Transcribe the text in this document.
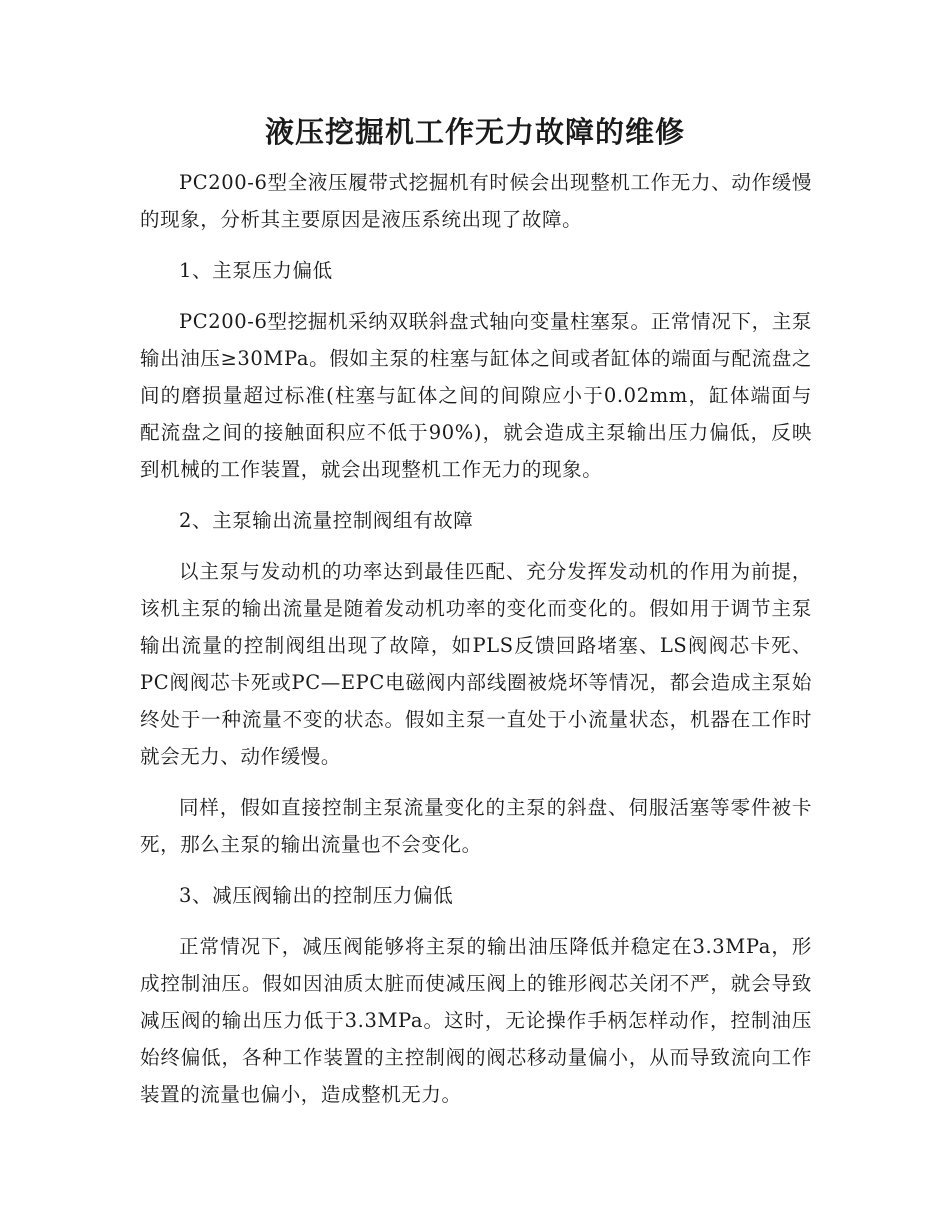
液压挖掘机工作无力故障的维修

PC200-6型全液压履带式挖掘机有时候会出现整机工作无力、动作缓慢的现象，分析其主要原因是液压系统出现了故障。

1、主泵压力偏低

PC200-6型挖掘机采纳双联斜盘式轴向变量柱塞泵。正常情况下，主泵输出油压≥30MPa。假如主泵的柱塞与缸体之间或者缸体的端面与配流盘之间的磨损量超过标准(柱塞与缸体之间的间隙应小于0.02mm，缸体端面与配流盘之间的接触面积应不低于90%)，就会造成主泵输出压力偏低，反映到机械的工作装置，就会出现整机工作无力的现象。

2、主泵输出流量控制阀组有故障

以主泵与发动机的功率达到最佳匹配、充分发挥发动机的作用为前提，该机主泵的输出流量是随着发动机功率的变化而变化的。假如用于调节主泵输出流量的控制阀组出现了故障，如PLS反馈回路堵塞、LS阀阀芯卡死、PC阀阀芯卡死或PC—EPC电磁阀内部线圈被烧坏等情况，都会造成主泵始终处于一种流量不变的状态。假如主泵一直处于小流量状态，机器在工作时就会无力、动作缓慢。

同样，假如直接控制主泵流量变化的主泵的斜盘、伺服活塞等零件被卡死，那么主泵的输出流量也不会变化。

3、减压阀输出的控制压力偏低

正常情况下，减压阀能够将主泵的输出油压降低并稳定在3.3MPa，形成控制油压。假如因油质太脏而使减压阀上的锥形阀芯关闭不严，就会导致减压阀的输出压力低于3.3MPa。这时，无论操作手柄怎样动作，控制油压始终偏低，各种工作装置的主控制阀的阀芯移动量偏小，从而导致流向工作装置的流量也偏小，造成整机无力。
